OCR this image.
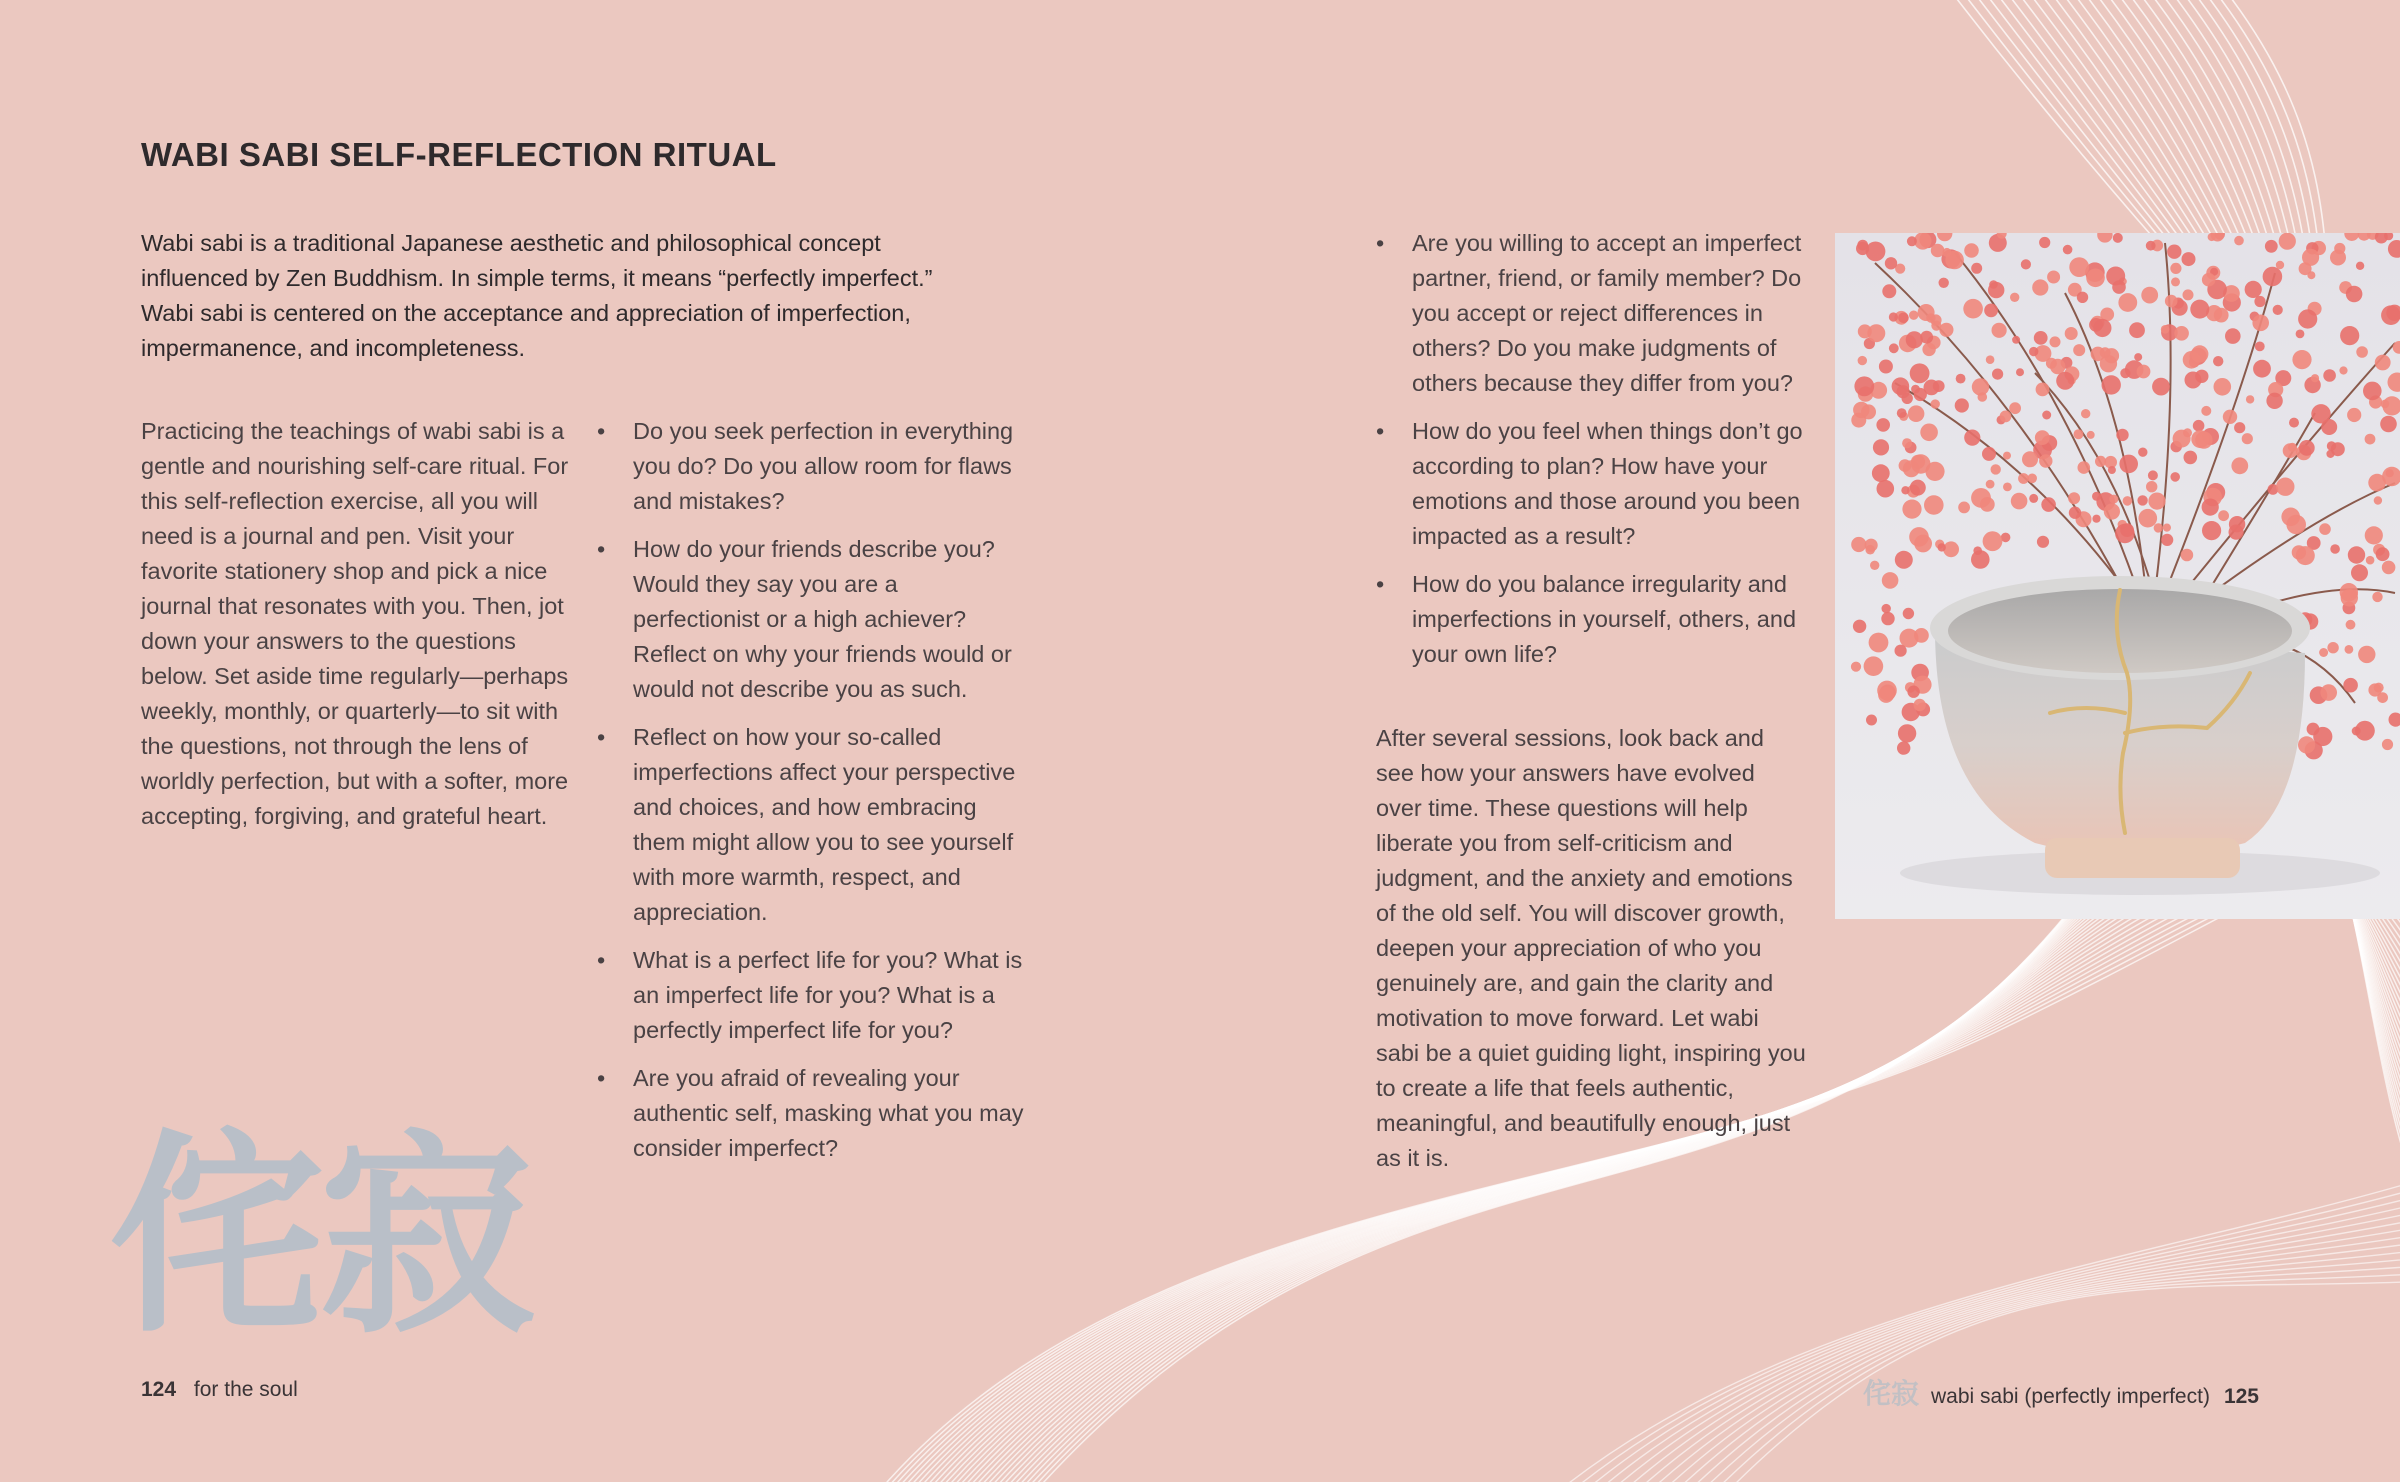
WABI SABI SELF-REFLECTION RITUAL

Wabi sabi is a traditional Japanese aesthetic and philosophical concept influenced by Zen Buddhism. In simple terms, it means “perfectly imperfect.” Wabi sabi is centered on the acceptance and appreciation of imperfection, impermanence, and incompleteness.

Practicing the teachings of wabi sabi is a gentle and nourishing self-care ritual. For this self-reflection exercise, all you will need is a journal and pen. Visit your favorite stationery shop and pick a nice journal that resonates with you. Then, jot down your answers to the questions below. Set aside time regularly—perhaps weekly, monthly, or quarterly—to sit with the questions, not through the lens of worldly perfection, but with a softer, more accepting, forgiving, and grateful heart.

• Do you seek perfection in everything you do? Do you allow room for flaws and mistakes?
• How do your friends describe you? Would they say you are a perfectionist or a high achiever? Reflect on why your friends would or would not describe you as such.
• Reflect on how your so-called imperfections affect your perspective and choices, and how embracing them might allow you to see yourself with more warmth, respect, and appreciation.
• What is a perfect life for you? What is an imperfect life for you? What is a perfectly imperfect life for you?
• Are you afraid of revealing your authentic self, masking what you may consider imperfect?
侘寂
124 for the soul
• Are you willing to accept an imperfect partner, friend, or family member? Do you accept or reject differences in others? Do you make judgments of others because they differ from you?
• How do you feel when things don’t go according to plan? How have your emotions and those around you been impacted as a result?
• How do you balance irregularity and imperfections in yourself, others, and your own life?

After several sessions, look back and see how your answers have evolved over time. These questions will help liberate you from self-criticism and judgment, and the anxiety and emotions of the old self. You will discover growth, deepen your appreciation of who you genuinely are, and gain the clarity and motivation to move forward. Let wabi sabi be a quiet guiding light, inspiring you to create a life that feels authentic, meaningful, and beautifully enough, just as it is.

侘寂 wabi sabi (perfectly imperfect) 125
